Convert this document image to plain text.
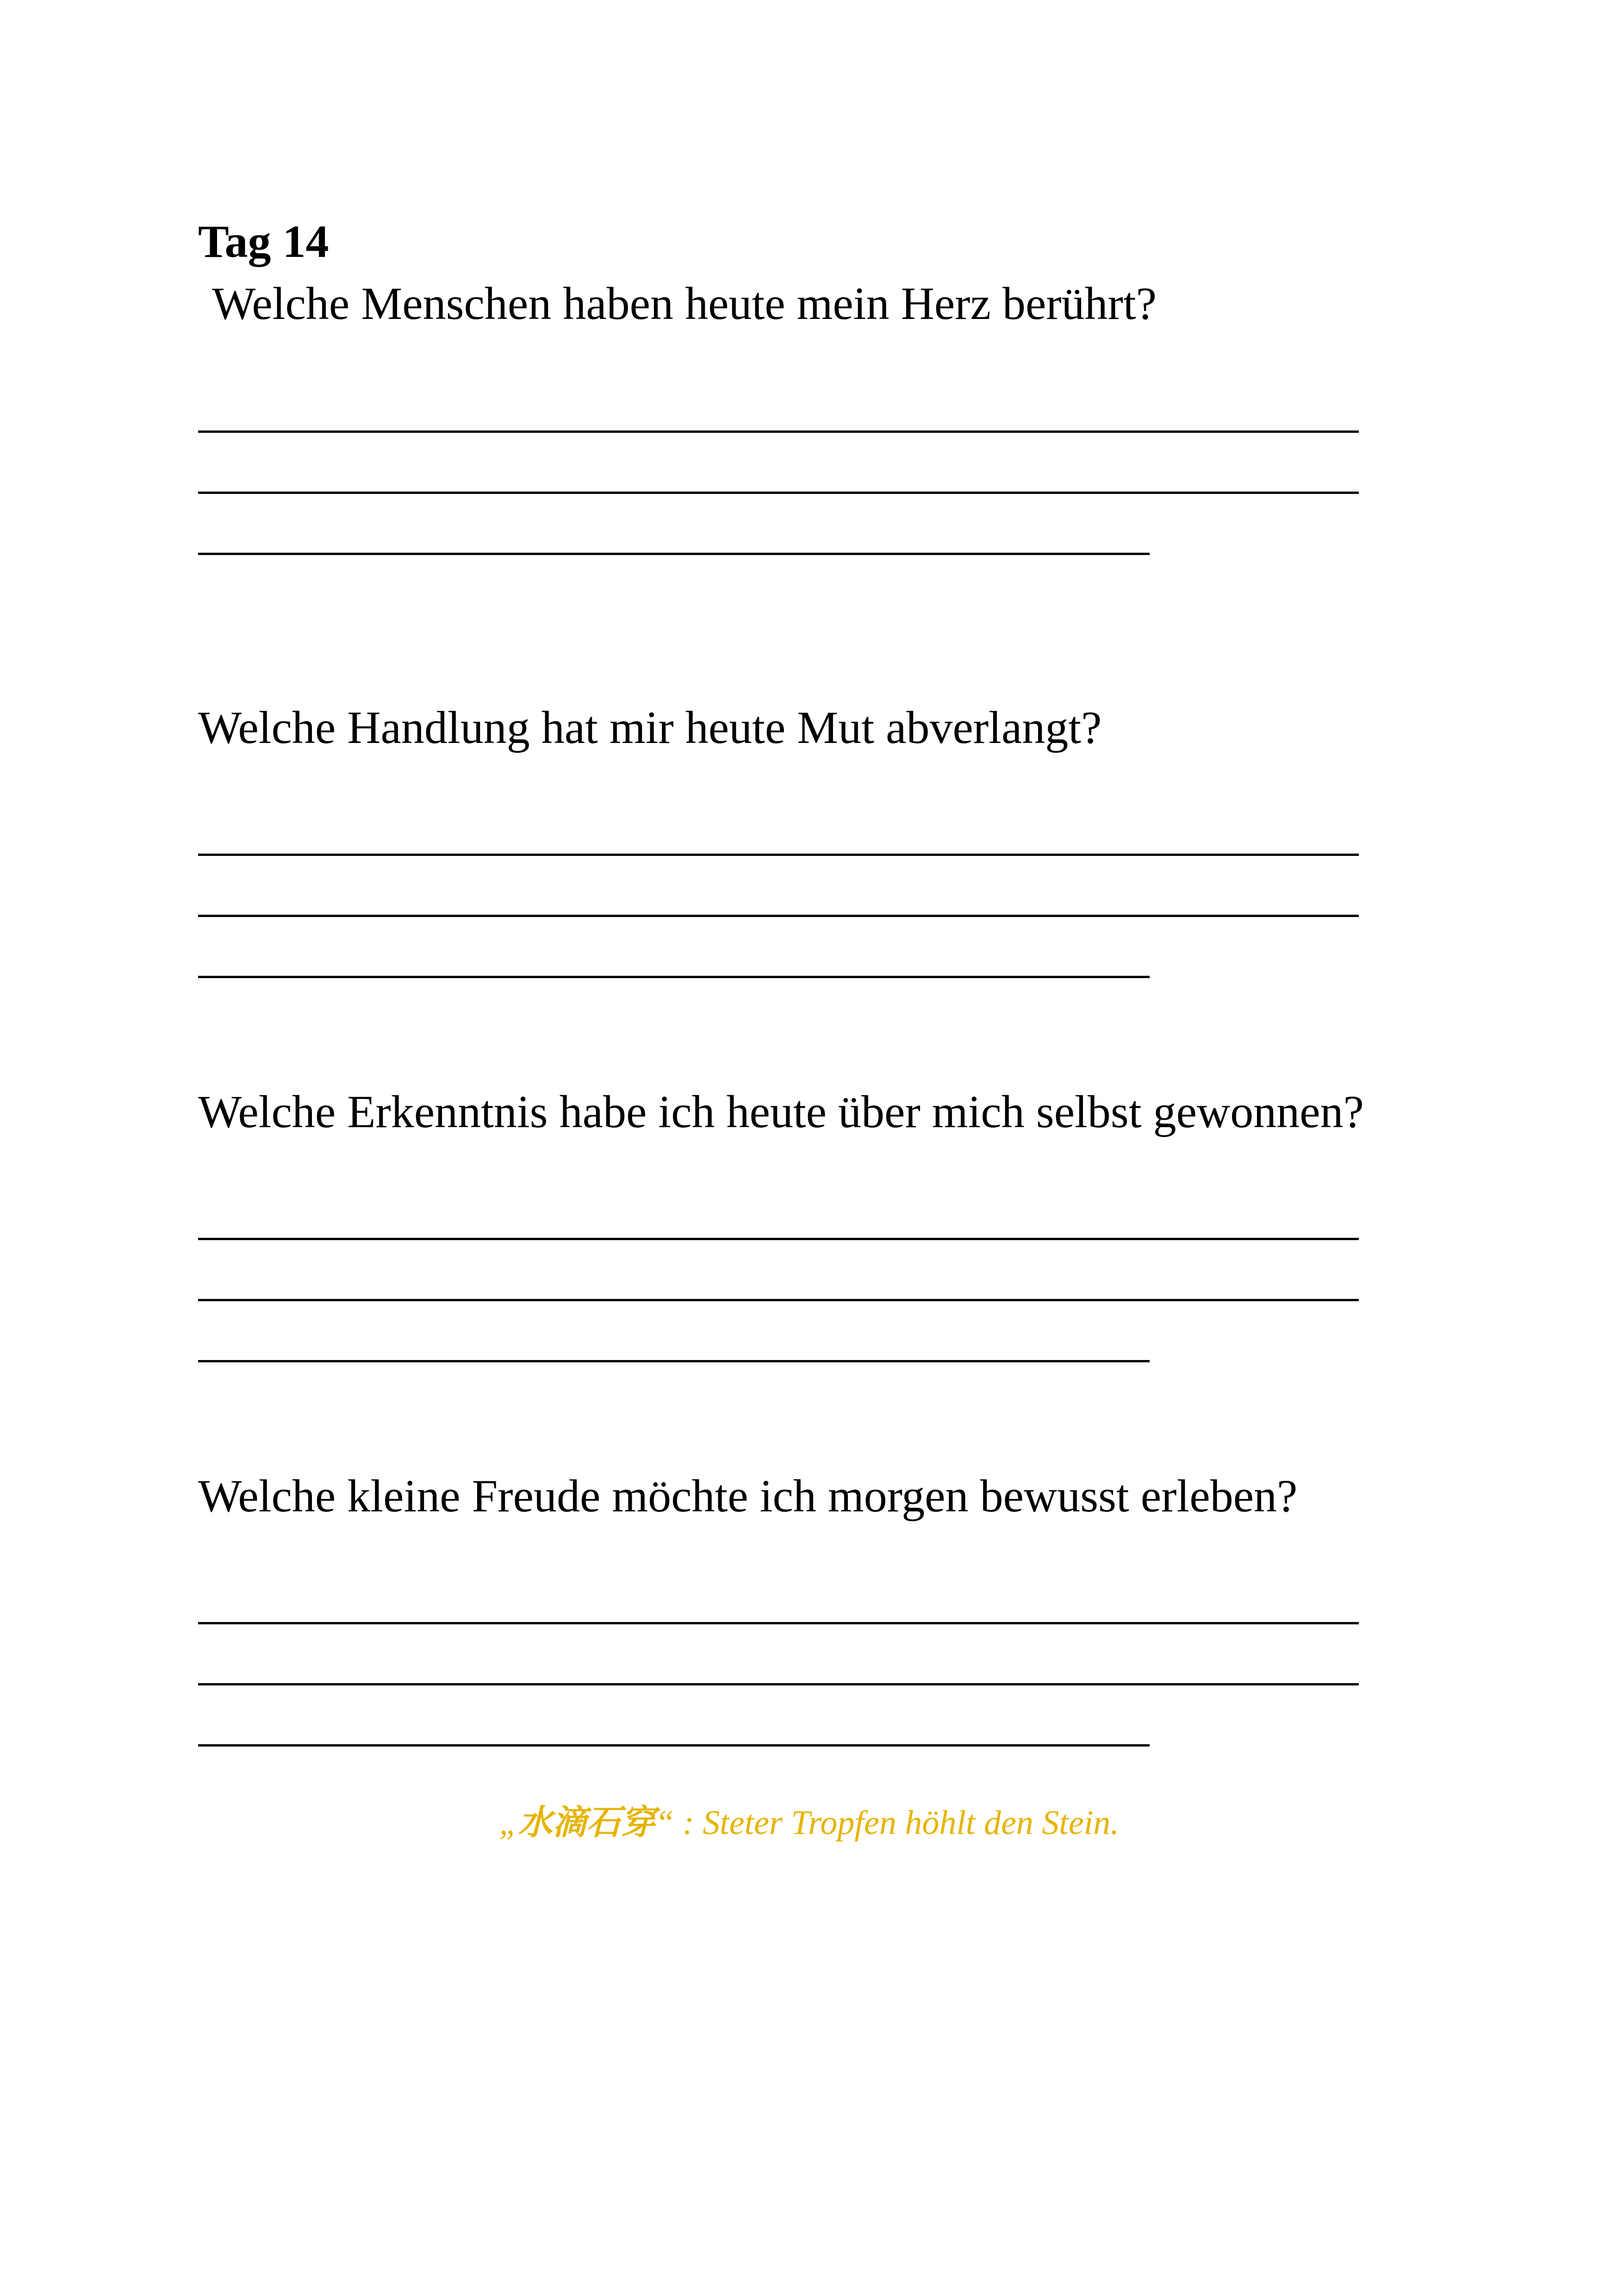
Tag 14
Welche Menschen haben heute mein Herz berührt?
Welche Handlung hat mir heute Mut abverlangt?
Welche Erkenntnis habe ich heute über mich selbst gewonnen?
Welche kleine Freude möchte ich morgen bewusst erleben?
„水滴石穿“ : Steter Tropfen höhlt den Stein.
